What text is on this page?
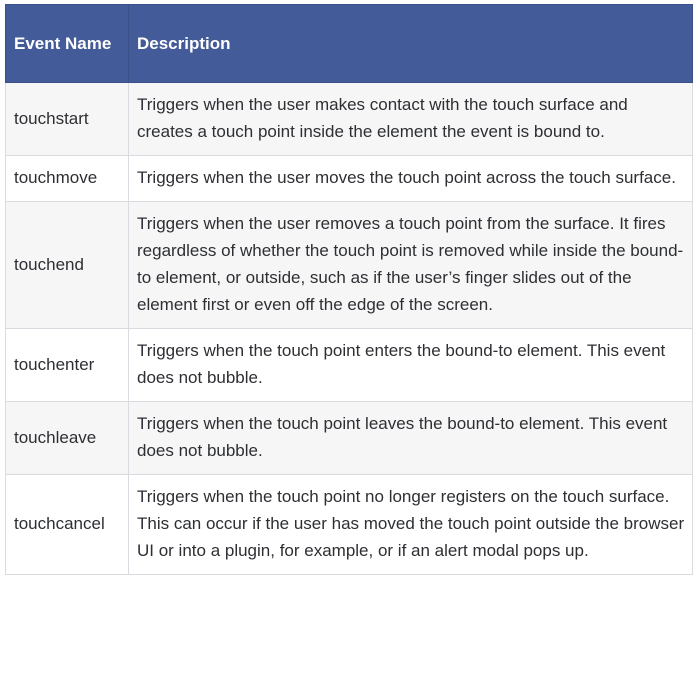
Event Name	Description
touchstart	Triggers when the user makes contact with the touch surface and creates a touch point inside the element the event is bound to.
touchmove	Triggers when the user moves the touch point across the touch surface.
touchend	Triggers when the user removes a touch point from the surface. It fires regardless of whether the touch point is removed while inside the bound-to element, or outside, such as if the user’s finger slides out of the element first or even off the edge of the screen.
touchenter	Triggers when the touch point enters the bound-to element. This event does not bubble.
touchleave	Triggers when the touch point leaves the bound-to element. This event does not bubble.
touchcancel	Triggers when the touch point no longer registers on the touch surface. This can occur if the user has moved the touch point outside the browser UI or into a plugin, for example, or if an alert modal pops up.
